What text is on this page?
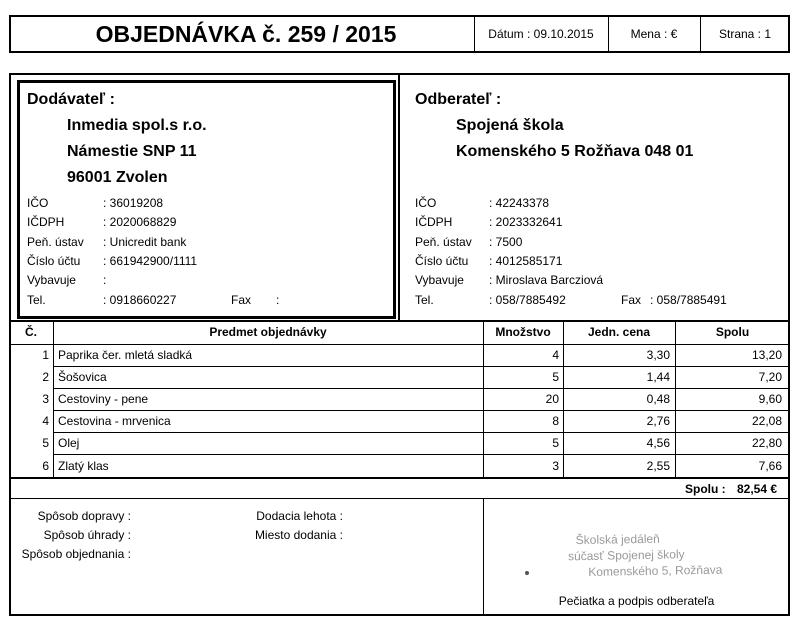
OBJEDNÁVKA č. 259 / 2015	Dátum : 09.10.2015	Mena : €	Strana : 1
Dodávateľ :
Inmedia spol.s r.o.
Námestie SNP 11
96001 Zvolen
IČO	: 36019208
IČDPH	: 2020068829
Peň. ústav : Unicredit bank
Číslo účtu : 661942900/1111
Vybavuje :
Tel.	: 0918660227	Fax :
Odberateľ :
Spojená škola
Komenského 5 Rožňava 048 01
IČO	: 42243378
IČDPH	: 2023332641
Peň. ústav : 7500
Číslo účtu : 4012585171
Vybavuje : Miroslava Barcziová
Tel.	: 058/7885492	Fax : 058/7885491
Č.	Predmet objednávky	Množstvo	Jedn. cena	Spolu
1 Paprika čer. mletá sladká	4	3,30	13,20
2 Šošovica	5	1,44	7,20
3 Cestoviny - pene	20	0,48	9,60
4 Cestovina - mrvenica	8	2,76	22,08
5 Olej	5	4,56	22,80
6 Zlatý klas	3	2,55	7,66
Spolu : 82,54 €
Spôsob dopravy :
Spôsob úhrady :
Spôsob objednania :
Dodacia lehota :
Miesto dodania :	Školská jedáleň
súčasť Spojenej školy
Komenského 5, Rožňava
Pečiatka a podpis odberateľa
